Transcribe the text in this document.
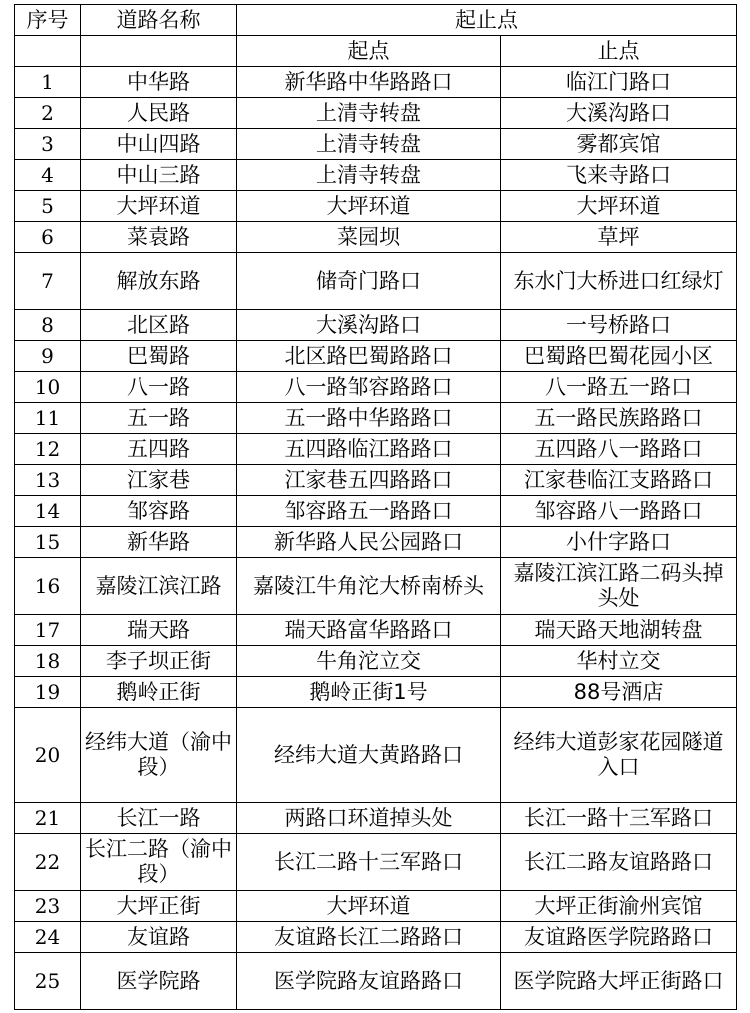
序号	道路名称	起止点	
		起点	止点
1	中华路	新华路中华路路口	临江门路口
2	人民路	上清寺转盘	大溪沟路口
3	中山四路	上清寺转盘	雾都宾馆
4	中山三路	上清寺转盘	飞来寺路口
5	大坪环道	大坪环道	大坪环道
6	菜袁路	菜园坝	草坪
7	解放东路	储奇门路口	东水门大桥进口红绿灯
8	北区路	大溪沟路口	一号桥路口
9	巴蜀路	北区路巴蜀路路口	巴蜀路巴蜀花园小区
10	八一路	八一路邹容路路口	八一路五一路口
11	五一路	五一路中华路路口	五一路民族路路口
12	五四路	五四路临江路路口	五四路八一路路口
13	江家巷	江家巷五四路路口	江家巷临江支路路口
14	邹容路	邹容路五一路路口	邹容路八一路路口
15	新华路	新华路人民公园路口	小什字路口
16	嘉陵江滨江路	嘉陵江牛角沱大桥南桥头	嘉陵江滨江路二码头掉头处
17	瑞天路	瑞天路富华路路口	瑞天路天地湖转盘
18	李子坝正街	牛角沱立交	华村立交
19	鹅岭正街	鹅岭正街1号	88号酒店
20	经纬大道（渝中段）	经纬大道大黄路路口	经纬大道彭家花园隧道入口
21	长江一路	两路口环道掉头处	长江一路十三军路口
22	长江二路（渝中段）	长江二路十三军路口	长江二路友谊路路口
23	大坪正街	大坪环道	大坪正街渝州宾馆
24	友谊路	友谊路长江二路路口	友谊路医学院路路口
25	医学院路	医学院路友谊路路口	医学院路大坪正街路口
